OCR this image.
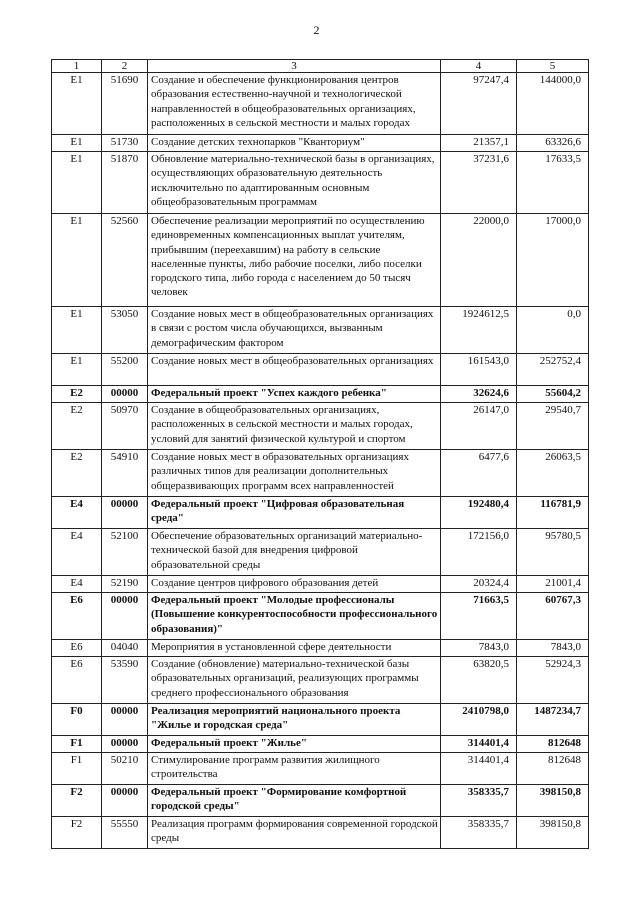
2
1	2	3	4	5
E1	51690	Создание и обеспечение функционирования центров образования естественно-научной и технологической направленностей в общеобразовательных организациях, расположенных в сельской местности и малых городах	97247,4	144000,0
E1	51730	Создание детских технопарков "Кванториум"	21357,1	63326,6
E1	51870	Обновление материально-технической базы в организациях, осуществляющих образовательную деятельность исключительно по адаптированным основным общеобразовательным программам	37231,6	17633,5
E1	52560	Обеспечение реализации мероприятий по осуществлению единовременных компенсационных выплат учителям, прибывшим (переехавшим) на работу в сельские населенные пункты, либо рабочие поселки, либо поселки городского типа, либо города с населением до 50 тысяч человек	22000,0	17000,0
E1	53050	Создание новых мест в общеобразовательных организациях в связи с ростом числа обучающихся, вызванным демографическим фактором	1924612,5	0,0
E1	55200	Создание новых мест в общеобразовательных организациях	161543,0	252752,4
E2	00000	Федеральный проект "Успех каждого ребенка"	32624,6	55604,2
E2	50970	Создание в общеобразовательных организациях, расположенных в сельской местности и малых городах, условий для занятий физической культурой и спортом	26147,0	29540,7
E2	54910	Создание новых мест в образовательных организациях различных типов для реализации дополнительных общеразвивающих программ всех направленностей	6477,6	26063,5
E4	00000	Федеральный проект "Цифровая образовательная среда"	192480,4	116781,9
E4	52100	Обеспечение образовательных организаций материально-технической базой для внедрения цифровой образовательной среды	172156,0	95780,5
E4	52190	Создание центров цифрового образования детей	20324,4	21001,4
E6	00000	Федеральный проект "Молодые профессионалы (Повышение конкурентоспособности профессионального образования)"	71663,5	60767,3
E6	04040	Мероприятия в установленной сфере деятельности	7843,0	7843,0
E6	53590	Создание (обновление) материально-технической базы образовательных организаций, реализующих программы среднего профессионального образования	63820,5	52924,3
F0	00000	Реализация мероприятий национального проекта "Жилье и городская среда"	2410798,0	1487234,7
F1	00000	Федеральный проект "Жилье"	314401,4	812648
F1	50210	Стимулирование программ развития жилищного строительства	314401,4	812648
F2	00000	Федеральный проект "Формирование комфортной городской среды"	358335,7	398150,8
F2	55550	Реализация программ формирования современной городской среды	358335,7	398150,8
